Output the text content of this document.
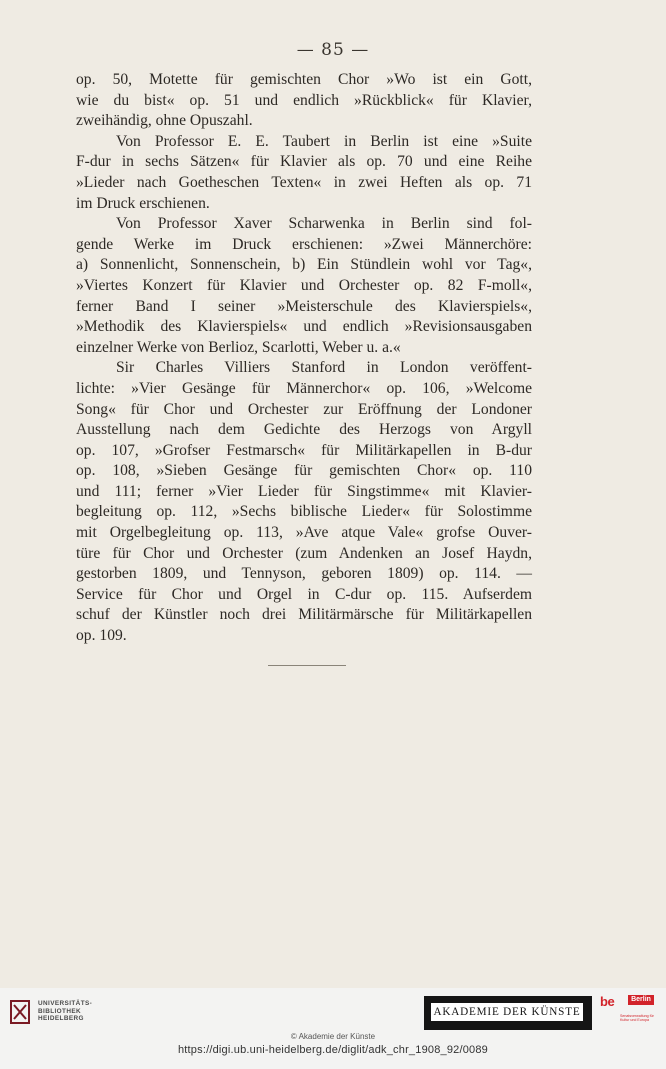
— 85 —
op. 50, Motette für gemischten Chor »Wo ist ein Gott,
wie du bist« op. 51 und endlich »Rückblick« für Klavier,
zweihändig, ohne Opuszahl.
Von Professor E. E. Taubert in Berlin ist eine »Suite
F-dur in sechs Sätzen« für Klavier als op. 70 und eine Reihe
»Lieder nach Goetheschen Texten« in zwei Heften als op. 71
im Druck erschienen.
Von Professor Xaver Scharwenka in Berlin sind fol-
gende Werke im Druck erschienen: »Zwei Männerchöre:
a) Sonnenlicht, Sonnenschein, b) Ein Stündlein wohl vor Tag«,
»Viertes Konzert für Klavier und Orchester op. 82 F-moll«,
ferner Band I seiner »Meisterschule des Klavierspiels«,
»Methodik des Klavierspiels« und endlich »Revisionsausgaben
einzelner Werke von Berlioz, Scarlotti, Weber u. a.«
Sir Charles Villiers Stanford in London veröffent-
lichte: »Vier Gesänge für Männerchor« op. 106, »Welcome
Song« für Chor und Orchester zur Eröffnung der Londoner
Ausstellung nach dem Gedichte des Herzogs von Argyll
op. 107, »Grofser Festmarsch« für Militärkapellen in B-dur
op. 108, »Sieben Gesänge für gemischten Chor« op. 110
und 111; ferner »Vier Lieder für Singstimme« mit Klavier-
begleitung op. 112, »Sechs biblische Lieder« für Solostimme
mit Orgelbegleitung op. 113, »Ave atque Vale« grofse Ouver-
türe für Chor und Orchester (zum Andenken an Josef Haydn,
gestorben 1809, und Tennyson, geboren 1809) op. 114. —
Service für Chor und Orgel in C-dur op. 115. Aufserdem
schuf der Künstler noch drei Militärmärsche für Militärkapellen
op. 109.
UNIVERSITÄTS-
BIBLIOTHEK
HEIDELBERG
AKADEMIE DER KÜNSTE
be	Berlin
Senatsverwaltung für Kultur und Europa
© Akademie der Künste
https://digi.ub.uni-heidelberg.de/diglit/adk_chr_1908_92/0089
